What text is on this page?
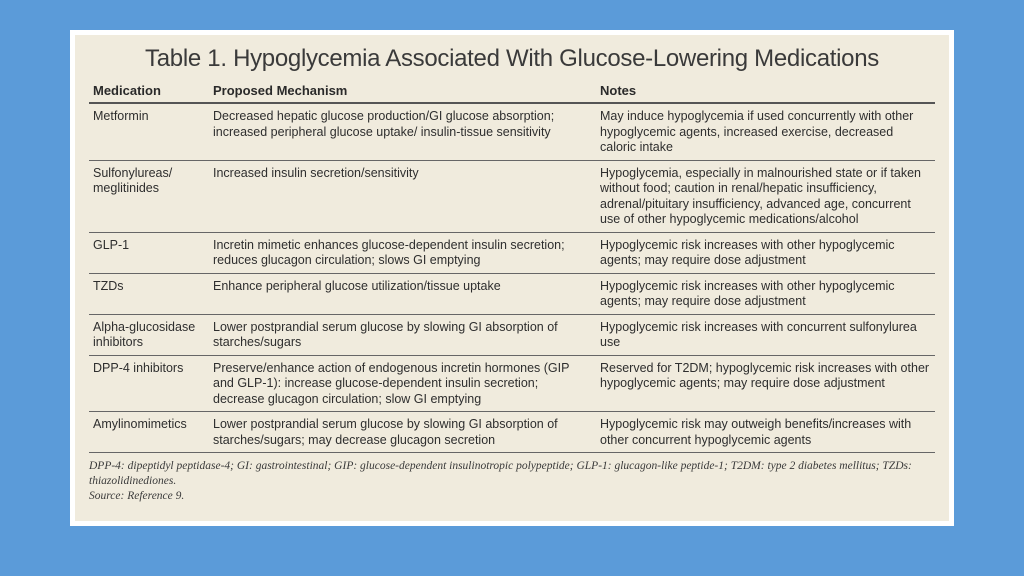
Table 1. Hypoglycemia Associated With Glucose-Lowering Medications
Medication	Proposed Mechanism	Notes
Metformin	Decreased hepatic glucose production/GI glucose absorption; increased peripheral glucose uptake/ insulin-tissue sensitivity	May induce hypoglycemia if used concurrently with other hypoglycemic agents, increased exercise, decreased caloric intake
Sulfonylureas/ meglitinides	Increased insulin secretion/sensitivity	Hypoglycemia, especially in malnourished state or if taken without food; caution in renal/hepatic insufficiency, adrenal/pituitary insufficiency, advanced age, concurrent use of other hypoglycemic medications/alcohol
GLP-1	Incretin mimetic enhances glucose-dependent insulin secretion; reduces glucagon circulation; slows GI emptying	Hypoglycemic risk increases with other hypoglycemic agents; may require dose adjustment
TZDs	Enhance peripheral glucose utilization/tissue uptake	Hypoglycemic risk increases with other hypoglycemic agents; may require dose adjustment
Alpha-glucosidase inhibitors	Lower postprandial serum glucose by slowing GI absorption of starches/sugars	Hypoglycemic risk increases with concurrent sulfonylurea use
DPP-4 inhibitors	Preserve/enhance action of endogenous incretin hormones (GIP and GLP-1): increase glucose-dependent insulin secretion; decrease glucagon circulation; slow GI emptying	Reserved for T2DM; hypoglycemic risk increases with other hypoglycemic agents; may require dose adjustment
Amylinomimetics	Lower postprandial serum glucose by slowing GI absorption of starches/sugars; may decrease glucagon secretion	Hypoglycemic risk may outweigh benefits/increases with other concurrent hypoglycemic agents
DPP-4: dipeptidyl peptidase-4; GI: gastrointestinal; GIP: glucose-dependent insulinotropic polypeptide; GLP-1: glucagon-like peptide-1; T2DM: type 2 diabetes mellitus; TZDs: thiazolidinediones.
Source: Reference 9.
